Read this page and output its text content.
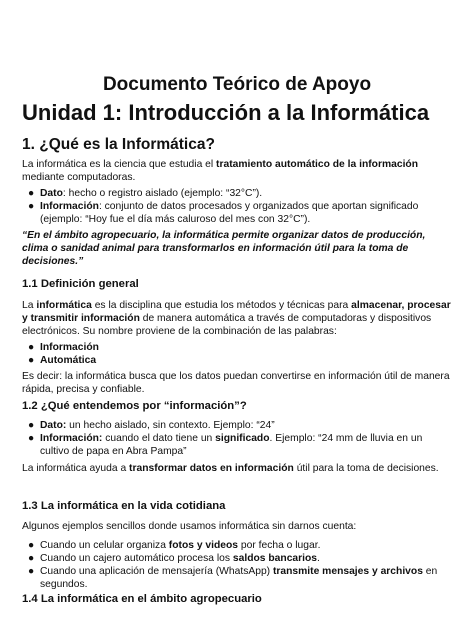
Documento Teórico de Apoyo
Unidad 1: Introducción a la Informática
1. ¿Qué es la Informática?

La informática es la ciencia que estudia el tratamiento automático de la información mediante computadoras.

● Dato: hecho o registro aislado (ejemplo: “32°C”).
● Información: conjunto de datos procesados y organizados que aportan significado (ejemplo: “Hoy fue el día más caluroso del mes con 32°C”).

“En el ámbito agropecuario, la informática permite organizar datos de producción, clima o sanidad animal para transformarlos en información útil para la toma de decisiones.”

1.1 Definición general

La informática es la disciplina que estudia los métodos y técnicas para almacenar, procesar y transmitir información de manera automática a través de computadoras y dispositivos electrónicos. Su nombre proviene de la combinación de las palabras:

● Información
● Automática

Es decir: la informática busca que los datos puedan convertirse en información útil de manera rápida, precisa y confiable.

1.2 ¿Qué entendemos por “información”?
● Dato: un hecho aislado, sin contexto. Ejemplo: “24”
● Información: cuando el dato tiene un significado. Ejemplo: “24 mm de lluvia en un cultivo de papa en Abra Pampa”

La informática ayuda a transformar datos en información útil para la toma de decisiones.

1.3 La informática en la vida cotidiana

Algunos ejemplos sencillos donde usamos informática sin darnos cuenta:

● Cuando un celular organiza fotos y videos por fecha o lugar.
● Cuando un cajero automático procesa los saldos bancarios.
● Cuando una aplicación de mensajería (WhatsApp) transmite mensajes y archivos en segundos.
1.4 La informática en el ámbito agropecuario
